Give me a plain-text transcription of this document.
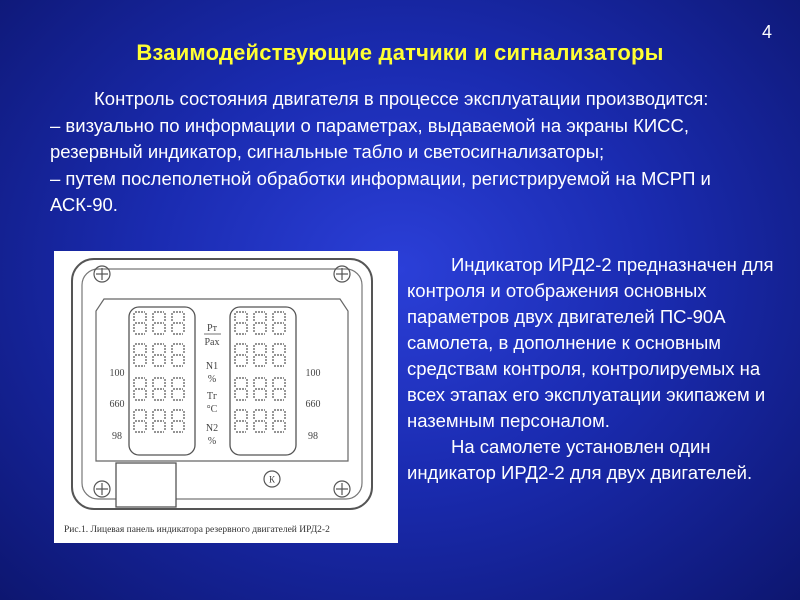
4
Взаимодействующие датчики и сигнализаторы

Контроль состояния двигателя в процессе эксплуатации производится:

– визуально по информации о параметрах, выдаваемой на экраны КИСС, резервный индикатор, сигнальные табло и светосигнализаторы;

– путем послеполетной обработки информации, регистрируемой на МСРП и АСК-90.

Рт
Рах
N1
%
Тг
°С
N2
%
100
660
98
100
660
98
К
Рис.1. Лицевая панель индикатора резервного двигателей ИРД2-2

Индикатор ИРД2-2 предназначен для контроля и отображения основных параметров двух двигателей ПС-90А самолета, в дополнение к основным средствам контроля, контролируемых на всех этапах его эксплуатации экипажем и наземным персоналом.

На самолете установлен один индикатор ИРД2-2 для двух двигателей.
